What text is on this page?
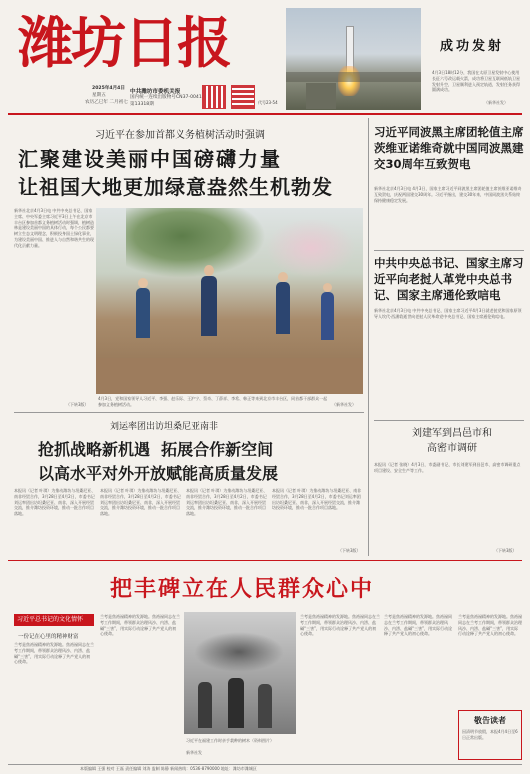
潍坊日报
2025年4月4日
星期五
农历乙巳年 二月初七
中共潍坊市委机关报
国内统一连续出版物号CN37-0041
第13318期	代号23-54
成功发射
4月3日18时12分，我国在太原卫星发射中心使用长征六号改运载火箭，成功将卫星互联网低轨卫星发射升空，卫星顺利进入预定轨道，发射任务获得圆满成功。
（新华社发）
习近平在参加首都义务植树活动时强调
汇聚建设美丽中国磅礴力量
让祖国大地更加绿意盎然生机勃发
新华社北京4月3日电 中共中央总书记、国家主席、中央军委主席习近平3日上午在北京市丰台区参加首都义务植树活动时强调，植树造林是建设美丽中国的具体行动，每个公民都要树立生态文明理念，积极投身国土绿化事业，为建设美丽中国、推进人与自然和谐共生的现代化贡献力量。
（下转3版）
4月3日，党和国家领导人习近平、李强、赵乐际、王沪宁、蔡奇、丁薛祥、李希、韩正等来到北京市丰台区，同首都干部群众一起参加义务植树活动。	（新华社发）
刘运率团出访坦桑尼亚南非
抢抓战略新机遇  拓展合作新空间
以高水平对外开放赋能高质量发展
本报讯（记者 叶琪）为推动潍坊与坦桑尼亚、南非经贸合作，3月28日至4月2日，市委书记刘运率团出访坦桑尼亚、南非，深入开展经贸交流，推介潍坊投资环境，推动一批合作项目落地。
本报讯（记者 叶琪）为推动潍坊与坦桑尼亚、南非经贸合作，3月28日至4月2日，市委书记刘运率团出访坦桑尼亚、南非，深入开展经贸交流，推介潍坊投资环境，推动一批合作项目落地。
本报讯（记者 叶琪）为推动潍坊与坦桑尼亚、南非经贸合作，3月28日至4月2日，市委书记刘运率团出访坦桑尼亚、南非，深入开展经贸交流，推介潍坊投资环境，推动一批合作项目落地。
本报讯（记者 叶琪）为推动潍坊与坦桑尼亚、南非经贸合作，3月28日至4月2日，市委书记刘运率团出访坦桑尼亚、南非，深入开展经贸交流，推介潍坊投资环境，推动一批合作项目落地。
（下转3版）
习近平同波黑主席团轮值主席茨维亚诺维奇就中国同波黑建交30周年互致贺电
新华社北京4月3日电 4月3日，国家主席习近平同波黑主席团轮值主席茨维亚诺维奇互致贺电，庆祝两国建交30周年。习近平指出，建交30年来，中国同波黑关系始终保持健康稳定发展。
中共中央总书记、国家主席习近平向老挝人革党中央总书记、国家主席通伦致唁电
新华社北京4月3日电 中共中央总书记、国家主席习近平4月3日就老挝党和国家原领导人坎代·西潘敦逝世向老挝人民革命党中央总书记、国家主席通伦致唁电。
刘建军到昌邑市和高密市调研
本报讯（记者 张晓）4月3日，市委副书记、市长刘建军到昌邑市、高密市调研重点项目建设、安全生产等工作。
（下转3版）
把丰碑立在人民群众心中
习近平总书记的文化情怀
一份记在心里的精神财富
兰考是焦裕禄精神的发源地。焦裕禄同志在兰考工作期间，带领群众治理风沙、内涝、盐碱“三害”，用实际行动诠释了共产党人的初心使命。
兰考是焦裕禄精神的发源地。焦裕禄同志在兰考工作期间，带领群众治理风沙、内涝、盐碱“三害”，用实际行动诠释了共产党人的初心使命。
习近平在福建工作时亲手栽种的树木（资料图片）
新华社发
兰考是焦裕禄精神的发源地。焦裕禄同志在兰考工作期间，带领群众治理风沙、内涝、盐碱“三害”，用实际行动诠释了共产党人的初心使命。
兰考是焦裕禄精神的发源地。焦裕禄同志在兰考工作期间，带领群众治理风沙、内涝、盐碱“三害”，用实际行动诠释了共产党人的初心使命。
兰考是焦裕禄精神的发源地。焦裕禄同志在兰考工作期间，带领群众治理风沙、内涝、盐碱“三害”，用实际行动诠释了共产党人的初心使命。
敬告读者
因清明节放假，本报4月4日至6日正常出版。
本版编辑 王强 校对 王磊 责任编辑 刘涛 监制 陈静 新闻热线：0536-8790000 地址：潍坊市潍城区
